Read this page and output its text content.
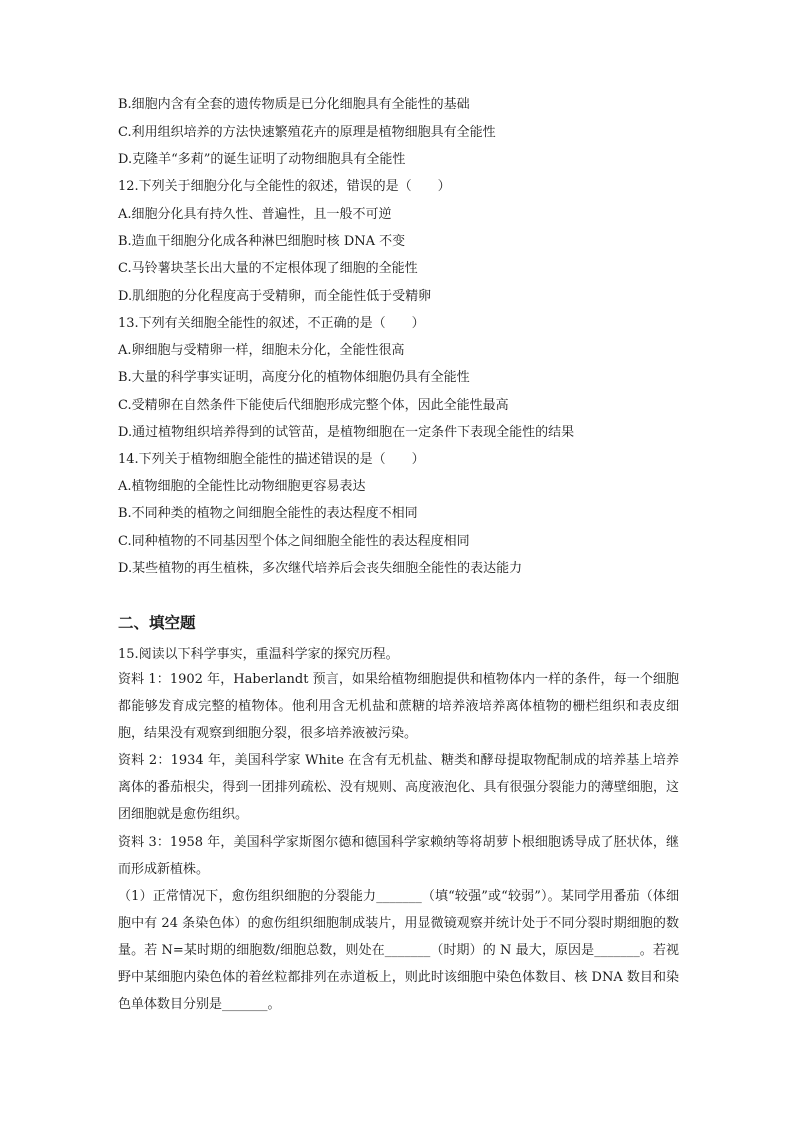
B.细胞内含有全套的遗传物质是已分化细胞具有全能性的基础
C.利用组织培养的方法快速繁殖花卉的原理是植物细胞具有全能性
D.克隆羊“多莉”的诞生证明了动物细胞具有全能性
12.下列关于细胞分化与全能性的叙述，错误的是（　　）
A.细胞分化具有持久性、普遍性，且一般不可逆
B.造血干细胞分化成各种淋巴细胞时核 DNA 不变
C.马铃薯块茎长出大量的不定根体现了细胞的全能性
D.肌细胞的分化程度高于受精卵，而全能性低于受精卵
13.下列有关细胞全能性的叙述，不正确的是（　　）
A.卵细胞与受精卵一样，细胞未分化，全能性很高
B.大量的科学事实证明，高度分化的植物体细胞仍具有全能性
C.受精卵在自然条件下能使后代细胞形成完整个体，因此全能性最高
D.通过植物组织培养得到的试管苗，是植物细胞在一定条件下表现全能性的结果
14.下列关于植物细胞全能性的描述错误的是（　　）
A.植物细胞的全能性比动物细胞更容易表达
B.不同种类的植物之间细胞全能性的表达程度不相同
C.同种植物的不同基因型个体之间细胞全能性的表达程度相同
D.某些植物的再生植株，多次继代培养后会丧失细胞全能性的表达能力
二、填空题
15.阅读以下科学事实，重温科学家的探究历程。
资料 1：1902 年，Haberlandt 预言，如果给植物细胞提供和植物体内一样的条件，每一个细胞都能够发育成完整的植物体。他利用含无机盐和蔗糖的培养液培养离体植物的栅栏组织和表皮细胞，结果没有观察到细胞分裂，很多培养液被污染。
资料 2：1934 年，美国科学家 White 在含有无机盐、糖类和酵母提取物配制成的培养基上培养离体的番茄根尖，得到一团排列疏松、没有规则、高度液泡化、具有很强分裂能力的薄壁细胞，这团细胞就是愈伤组织。
资料 3：1958 年，美国科学家斯图尔德和德国科学家赖纳等将胡萝卜根细胞诱导成了胚状体，继而形成新植株。
（1）正常情况下，愈伤组织细胞的分裂能力_______（填“较强”或“较弱”）。某同学用番茄（体细胞中有 24 条染色体）的愈伤组织细胞制成装片，用显微镜观察并统计处于不同分裂时期细胞的数量。若 N=某时期的细胞数/细胞总数，则处在_______（时期）的 N 最大，原因是_______。若视野中某细胞内染色体的着丝粒都排列在赤道板上，则此时该细胞中染色体数目、核 DNA 数目和染色单体数目分别是_______。
